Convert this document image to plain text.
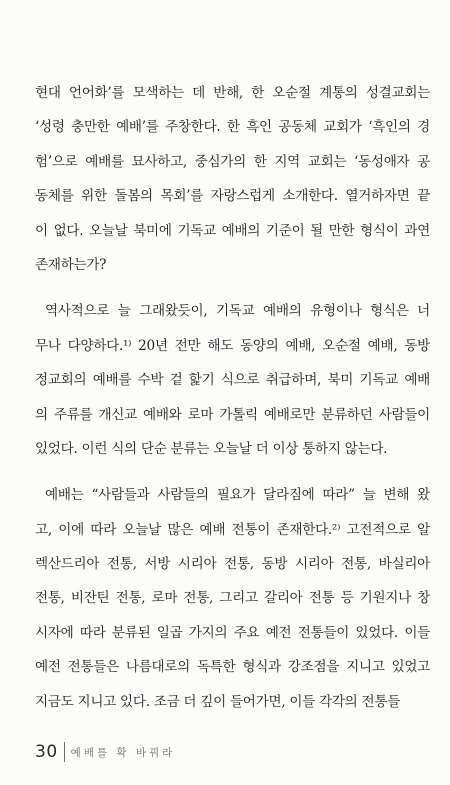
현대 언어화’를 모색하는 데 반해, 한 오순절 계통의 성결교회는
‘성령 충만한 예배’를 주창한다. 한 흑인 공동체 교회가 ‘흑인의 경
험’으로 예배를 묘사하고, 중심가의 한 지역 교회는 ‘동성애자 공
동체를 위한 돌봄의 목회’를 자랑스럽게 소개한다. 열거하자면 끝
이 없다. 오늘날 북미에 기독교 예배의 기준이 될 만한 형식이 과연
존재하는가?
역사적으로 늘 그래왔듯이, 기독교 예배의 유형이나 형식은 너
무나 다양하다.¹⁾ 20년 전만 해도 동양의 예배, 오순절 예배, 동방
정교회의 예배를 수박 겉 핥기 식으로 취급하며, 북미 기독교 예배
의 주류를 개신교 예배와 로마 가톨릭 예배로만 분류하던 사람들이
있었다. 이런 식의 단순 분류는 오늘날 더 이상 통하지 않는다.
예배는 “사람들과 사람들의 필요가 달라짐에 따라” 늘 변해 왔
고, 이에 따라 오늘날 많은 예배 전통이 존재한다.²⁾ 고전적으로 알
렉산드리아 전통, 서방 시리아 전통, 동방 시리아 전통, 바실리아
전통, 비잔틴 전통, 로마 전통, 그리고 갈리아 전통 등 기원지나 창
시자에 따라 분류된 일곱 가지의 주요 예전 전통들이 있었다. 이들
예전 전통들은 나름대로의 독특한 형식과 강조점을 지니고 있었고
지금도 지니고 있다. 조금 더 깊이 들어가면, 이들 각각의 전통들
30 예배를 확 바꿔라
